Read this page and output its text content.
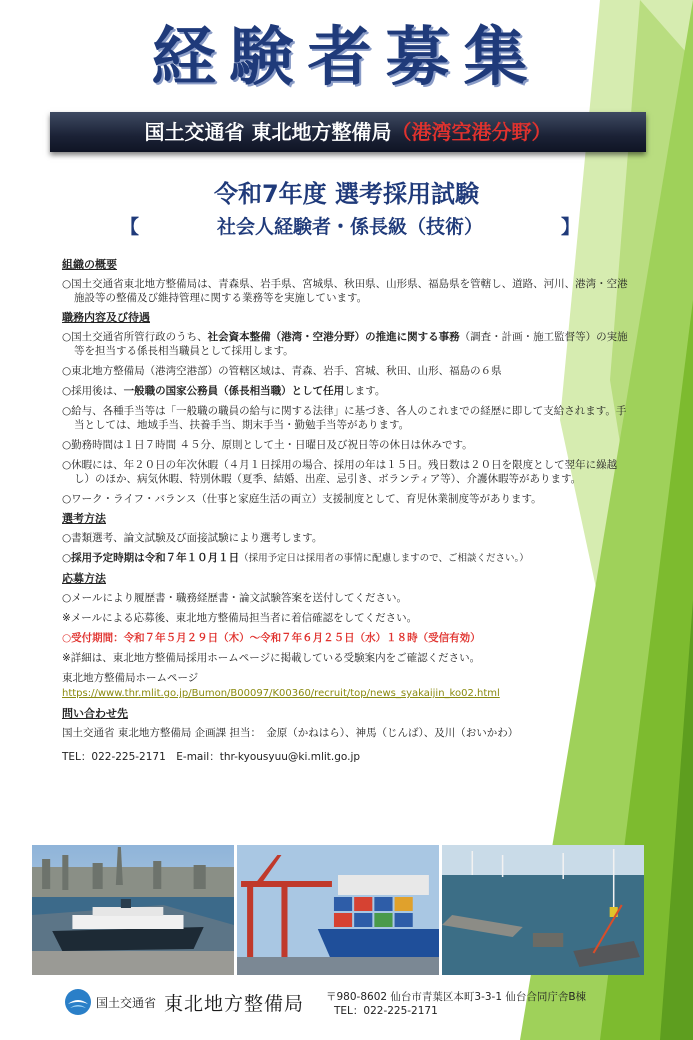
経験者募集
国土交通省 東北地方整備局（港湾空港分野）
令和7年度 選考採用試験
【	社会人経験者・係長級（技術）	】
組織の概要
○国土交通省東北地方整備局は、青森県、岩手県、宮城県、秋田県、山形県、福島県を管轄し、道路、河川、港湾・空港施設等の整備及び維持管理に関する業務等を実施しています。
職務内容及び待遇
○国土交通省所管行政のうち、社会資本整備（港湾・空港分野）の推進に関する事務（調査・計画・施工監督等）の実施等を担当する係長相当職員として採用します。
○東北地方整備局（港湾空港部）の管轄区域は、青森、岩手、宮城、秋田、山形、福島の６県
○採用後は、一般職の国家公務員（係長相当職）として任用します。
○給与、各種手当等は「一般職の職員の給与に関する法律」に基づき、各人のこれまでの経歴に即して支給されます。手当としては、地域手当、扶養手当、期末手当・勤勉手当等があります。
○勤務時間は１日７時間 ４５分、原則として土・日曜日及び祝日等の休日は休みです。
○休暇には、年２０日の年次休暇（４月１日採用の場合、採用の年は１５日。残日数は２０日を限度として翌年に繰越し）のほか、病気休暇、特別休暇（夏季、結婚、出産、忌引き、ボランティア等）、介護休暇等があります。
○ワーク・ライフ・バランス（仕事と家庭生活の両立）支援制度として、育児休業制度等があります。
選考方法
○書類選考、論文試験及び面接試験により選考します。
○採用予定時期は令和７年１０月１日（採用予定日は採用者の事情に配慮しますので、ご相談ください。）
応募方法
○メールにより履歴書・職務経歴書・論文試験答案を送付してください。
※メールによる応募後、東北地方整備局担当者に着信確認をしてください。
○受付期間：令和７年５月２９日（木）～令和７年６月２５日（水）１８時（受信有効）
※詳細は、東北地方整備局採用ホームページに掲載している受験案内をご確認ください。
東北地方整備局ホームページ
https://www.thr.mlit.go.jp/Bumon/B00097/K00360/recruit/top/news_syakaijin_ko02.html
問い合わせ先
国土交通省 東北地方整備局 企画課 担当：　金原（かねはら）、神馬（じんば）、及川（おいかわ）
TEL：022-225-2171　E-mail：thr-kyousyuu@ki.mlit.go.jp
国土交通省 東北地方整備局 〒980-8602 仙台市青葉区本町3-3-1 仙台合同庁舎B棟
TEL：022-225-2171
